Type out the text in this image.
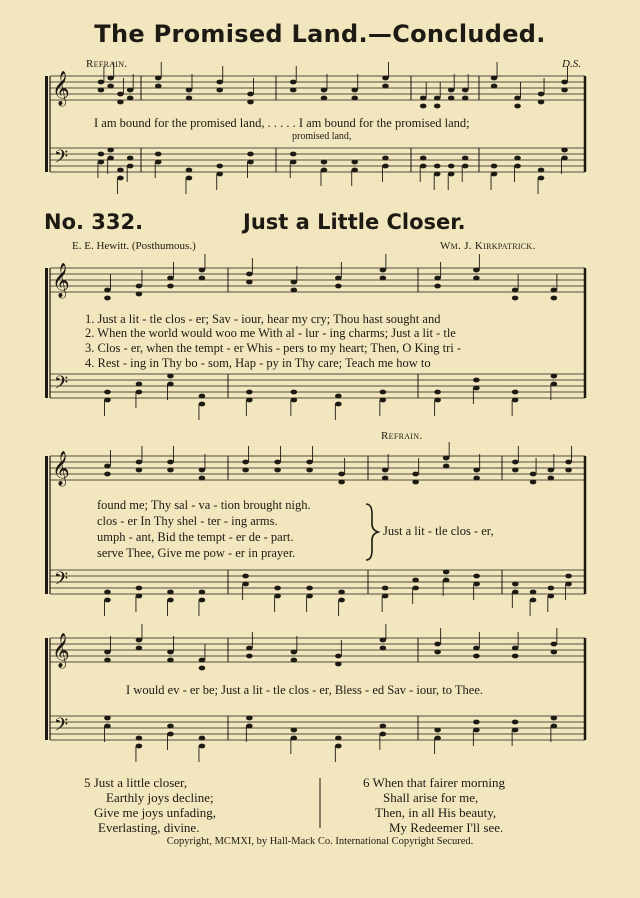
The Promised Land.—Concluded.
Refrain.	D.S.
I am bound for the promised land, . . . . . I am bound for the promised land;
promised land,
No. 332.	Just a Little Closer.
E. E. Hewitt. (Posthumous.)	Wm. J. Kirkpatrick.
1. Just a lit - tle clos - er; Sav - iour, hear my cry; Thou hast sought and
2. When the world would woo me With al - lur - ing charms; Just a lit - tle
3. Clos - er, when the tempt - er Whis - pers to my heart; Then, O King tri -
4. Rest - ing in Thy bo - som, Hap - py in Thy care; Teach me how to
Refrain.
found me; Thy sal - va - tion brought nigh.
clos - er In Thy shel - ter - ing arms.
umph - ant, Bid the tempt - er de - part.
serve Thee, Give me pow - er in prayer.
Just a lit - tle clos - er,
I would ev - er be; Just a lit - tle clos - er, Bless - ed Sav - iour, to Thee.
5 Just a little closer,
Earthly joys decline;
Give me joys unfading,
Everlasting, divine.
6 When that fairer morning
Shall arise for me,
Then, in all His beauty,
My Redeemer I'll see.
Copyright, MCMXI, by Hall-Mack Co. International Copyright Secured.
𝄞
𝄢
𝄞
𝄢
𝄞
𝄢
𝄞
𝄢
